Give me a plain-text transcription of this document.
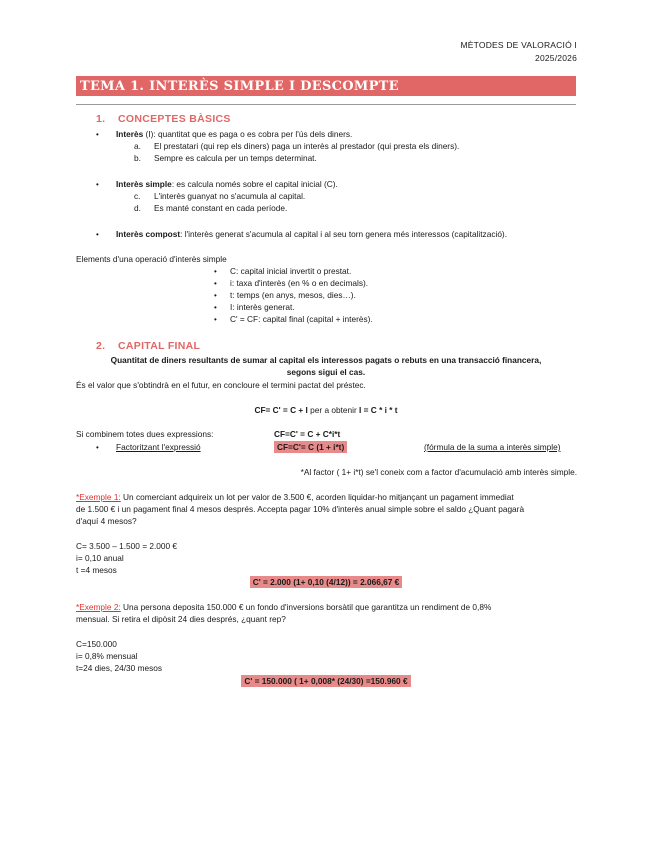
MÈTODES DE VALORACIÓ I
2025/2026
TEMA 1. INTERÈS SIMPLE I DESCOMPTE
1. CONCEPTES BÀSICS
• Interès (I): quantitat que es paga o es cobra per l'ús dels diners.
a. El prestatari (qui rep els diners) paga un interès al prestador (qui presta els diners).
b. Sempre es calcula per un temps determinat.
• Interès simple: es calcula només sobre el capital inicial (C).
c. L'interès guanyat no s'acumula al capital.
d. Es manté constant en cada període.
• Interès compost: l'interès generat s'acumula al capital i al seu torn genera més interessos (capitalització).
Elements d'una operació d'interès simple
• C: capital inicial invertit o prestat.
• i: taxa d'interès (en % o en decimals).
• t: temps (en anys, mesos, dies…).
• I: interès generat.
• C' = CF: capital final (capital + interès).
2. CAPITAL FINAL
Quantitat de diners resultants de sumar al capital els interessos pagats o rebuts en una transacció financera,
segons sigui el cas.
És el valor que s'obtindrà en el futur, en concloure el termini pactat del préstec.
CF= C' = C + I per a obtenir I = C * i * t
Si combinem totes dues expressions:	CF=C' = C + C*i*t
• Factoritzant l'expressió	CF=C'= C (1 + i*t)	(fórmula de la suma a interès simple)
*Al factor ( 1+ i*t) se'l coneix com a factor d'acumulació amb interès simple.
*Exemple 1: Un comerciant adquireix un lot per valor de 3.500 €, acorden liquidar-ho mitjançant un pagament immediat
de 1.500 € i un pagament final 4 mesos després. Accepta pagar 10% d'interès anual simple sobre el saldo ¿Quant pagarà
d'aquí 4 mesos?
C= 3.500 – 1.500 = 2.000 €
i= 0,10 anual
t =4 mesos
C' = 2.000 (1+ 0,10 (4/12)) = 2.066,67 €
*Exemple 2: Una persona deposita 150.000 € un fondo d'inversions borsàtil que garantitza un rendiment de 0,8%
mensual. Si retira el dipòsit 24 dies després, ¿quant rep?
C=150.000
i= 0,8% mensual
t=24 dies, 24/30 mesos
C' = 150.000 ( 1+ 0,008* (24/30) =150.960 €
